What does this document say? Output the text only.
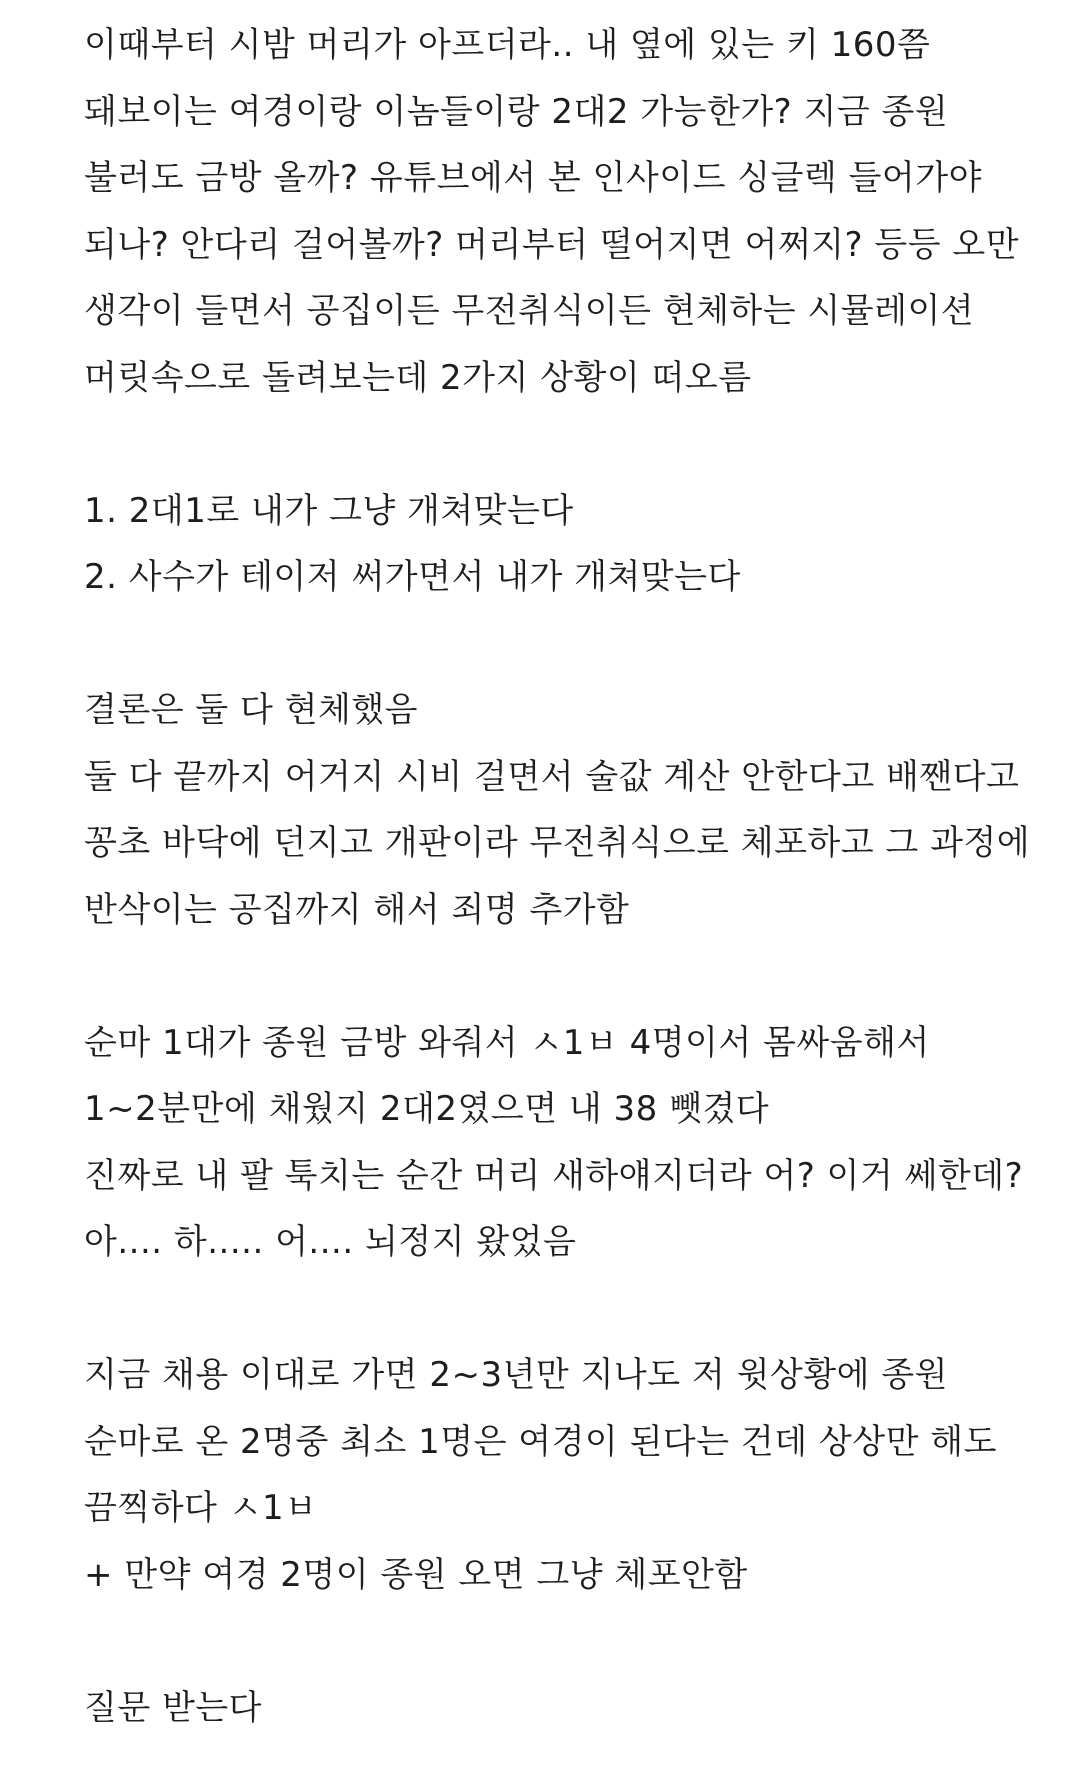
이때부터 시밤 머리가 아프더라.. 내 옆에 있는 키 160쯤
돼보이는 여경이랑 이놈들이랑 2대2 가능한가? 지금 종원
불러도 금방 올까? 유튜브에서 본 인사이드 싱글렉 들어가야
되나? 안다리 걸어볼까? 머리부터 떨어지면 어쩌지? 등등 오만
생각이 들면서 공집이든 무전취식이든 현체하는 시뮬레이션
머릿속으로 돌려보는데 2가지 상황이 떠오름
1. 2대1로 내가 그냥 개쳐맞는다
2. 사수가 테이저 써가면서 내가 개쳐맞는다
결론은 둘 다 현체했음
둘 다 끝까지 어거지 시비 걸면서 술값 계산 안한다고 배짼다고
꽁초 바닥에 던지고 개판이라 무전취식으로 체포하고 그 과정에
반삭이는 공집까지 해서 죄명 추가함
순마 1대가 종원 금방 와줘서 ㅅ1ㅂ 4명이서 몸싸움해서
1~2분만에 채웠지 2대2였으면 내 38 뺏겼다
진짜로 내 팔 툭치는 순간 머리 새하얘지더라 어? 이거 쎄한데?
아.... 하..... 어.... 뇌정지 왔었음
지금 채용 이대로 가면 2~3년만 지나도 저 윗상황에 종원
순마로 온 2명중 최소 1명은 여경이 된다는 건데 상상만 해도
끔찍하다 ㅅ1ㅂ
+ 만약 여경 2명이 종원 오면 그냥 체포안함
질문 받는다
